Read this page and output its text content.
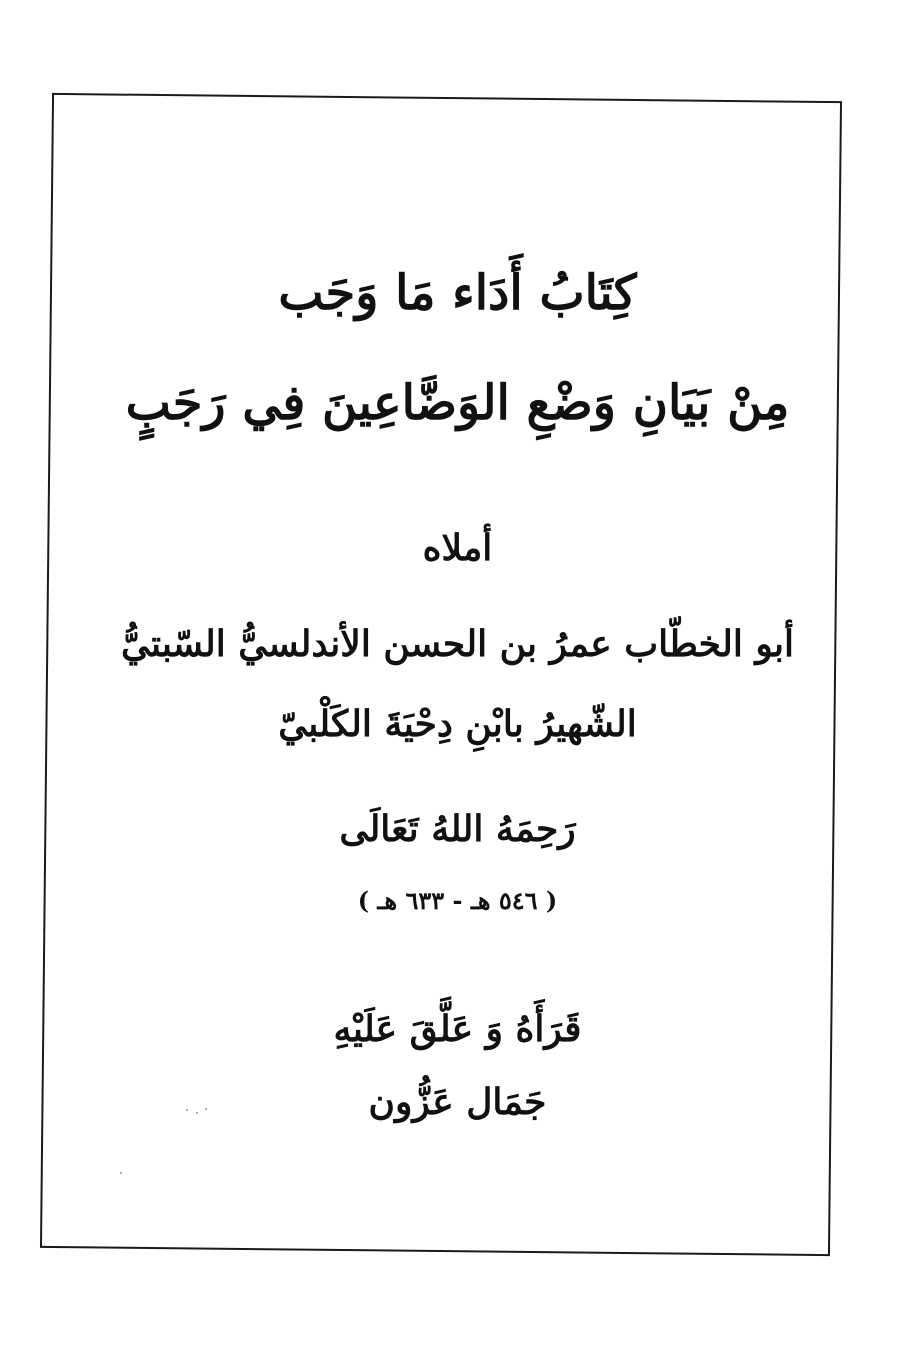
كِتَابُ أَدَاء مَا وَجَب
مِنْ بَيَانِ وَضْعِ الوَضَّاعِينَ فِي رَجَبٍ
أملاه
أبو الخطّاب عمرُ بن الحسن الأندلسيُّ السّبتيُّ
الشّهيرُ بابْنِ دِحْيَةَ الكَلْبيّ
رَحِمَهُ اللهُ تَعَالَى
( ٥٤٦ هـ - ٦٣٣ هـ )
قَرَأَهُ وَ عَلَّقَ عَلَيْهِ
جَمَال عَزُّون
